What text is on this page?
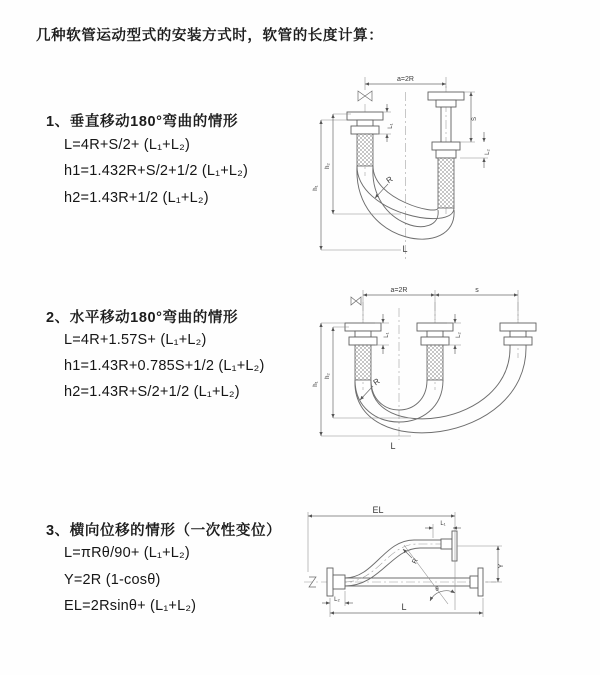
几种软管运动型式的安装方式时，软管的长度计算：
1、垂直移动180°弯曲的情形
L=4R+S/2+ (L₁+L₂)
h1=1.432R+S/2+1/2 (L₁+L₂)
h2=1.43R+1/2 (L₁+L₂)
a=2R
L₁
S
L₂
h₁
h₂
R
L
2、水平移动180°弯曲的情形
L=4R+1.57S+ (L₁+L₂)
h1=1.43R+0.785S+1/2 (L₁+L₂)
h2=1.43R+S/2+1/2 (L₁+L₂)
a=2R	s
L₁	L₂
h₁
h₂
R
L
3、横向位移的情形（一次性变位）
L=πRθ/90+ (L₁+L₂)
Y=2R (1-cosθ)
EL=2Rsinθ+ (L₁+L₂)
EL
L₁
Y
R
θ
L₂
L
